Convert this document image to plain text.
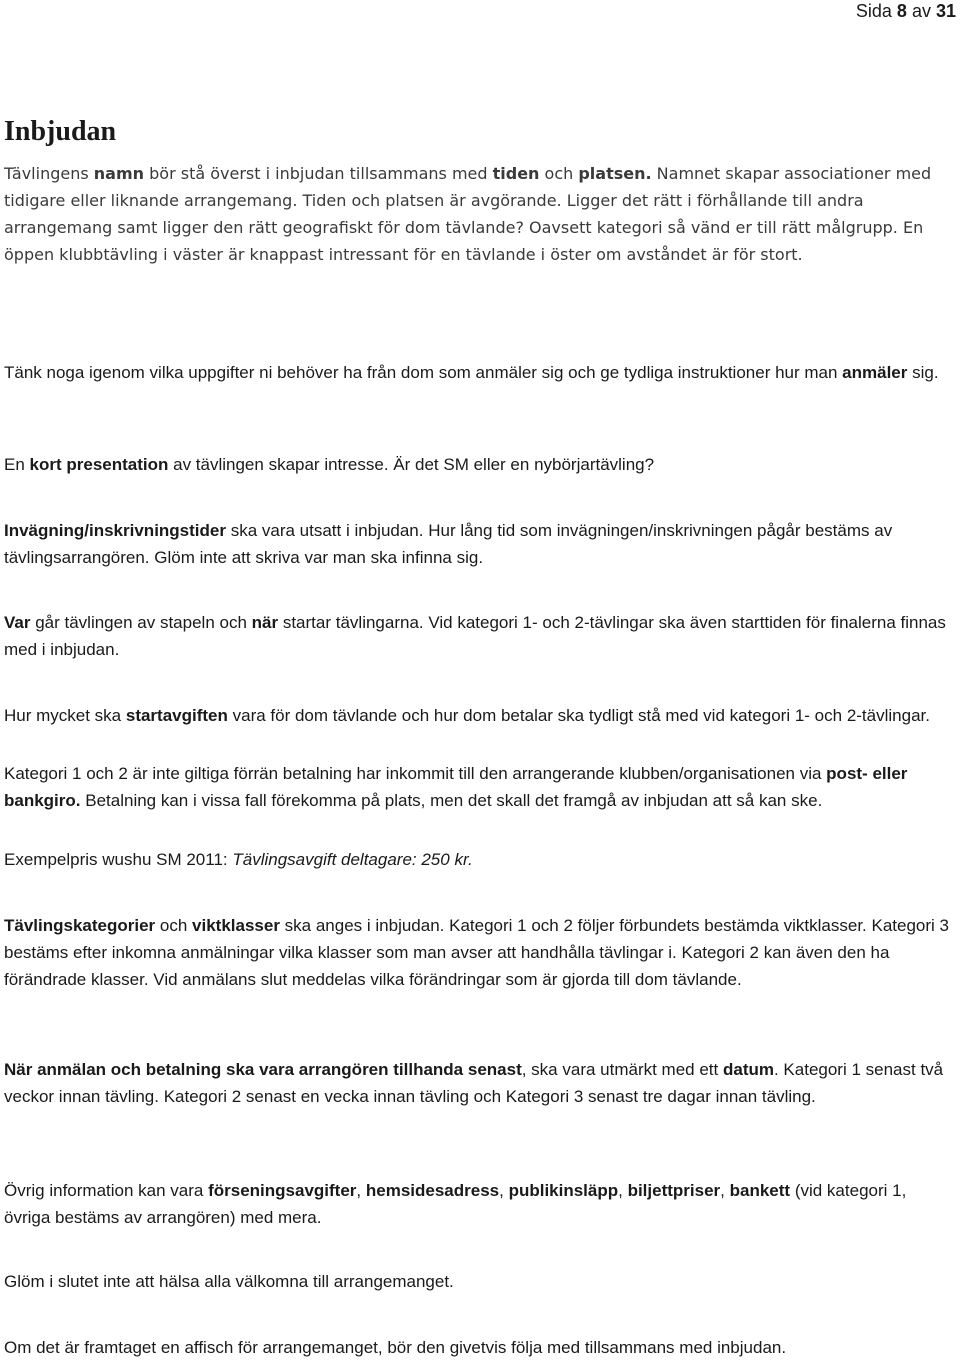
Sida 8 av 31
Inbjudan

Tävlingens namn bör stå överst i inbjudan tillsammans med tiden och platsen. Namnet skapar associationer med tidigare eller liknande arrangemang. Tiden och platsen är avgörande. Ligger det rätt i förhållande till andra arrangemang samt ligger den rätt geografiskt för dom tävlande? Oavsett kategori så vänd er till rätt målgrupp. En öppen klubbtävling i väster är knappast intressant för en tävlande i öster om avståndet är för stort.

Tänk noga igenom vilka uppgifter ni behöver ha från dom som anmäler sig och ge tydliga instruktioner hur man anmäler sig.

En kort presentation av tävlingen skapar intresse. Är det SM eller en nybörjartävling?

Invägning/inskrivningstider ska vara utsatt i inbjudan. Hur lång tid som invägningen/inskrivningen pågår bestäms av tävlingsarrangören. Glöm inte att skriva var man ska infinna sig.

Var går tävlingen av stapeln och när startar tävlingarna. Vid kategori 1- och 2-tävlingar ska även starttiden för finalerna finnas med i inbjudan.

Hur mycket ska startavgiften vara för dom tävlande och hur dom betalar ska tydligt stå med vid kategori 1- och 2-tävlingar.

Kategori 1 och 2 är inte giltiga förrän betalning har inkommit till den arrangerande klubben/organisationen via post- eller bankgiro. Betalning kan i vissa fall förekomma på plats, men det skall det framgå av inbjudan att så kan ske.

Exempelpris wushu SM 2011: Tävlingsavgift deltagare: 250 kr.

Tävlingskategorier och viktklasser ska anges i inbjudan. Kategori 1 och 2 följer förbundets bestämda viktklasser. Kategori 3 bestäms efter inkomna anmälningar vilka klasser som man avser att handhålla tävlingar i. Kategori 2 kan även den ha förändrade klasser. Vid anmälans slut meddelas vilka förändringar som är gjorda till dom tävlande.

När anmälan och betalning ska vara arrangören tillhanda senast, ska vara utmärkt med ett datum. Kategori 1 senast två veckor innan tävling. Kategori 2 senast en vecka innan tävling och Kategori 3 senast tre dagar innan tävling.

Övrig information kan vara förseningsavgifter, hemsidesadress, publikinsläpp, biljettpriser, bankett (vid kategori 1, övriga bestäms av arrangören) med mera.

Glöm i slutet inte att hälsa alla välkomna till arrangemanget.

Om det är framtaget en affisch för arrangemanget, bör den givetvis följa med tillsammans med inbjudan.
